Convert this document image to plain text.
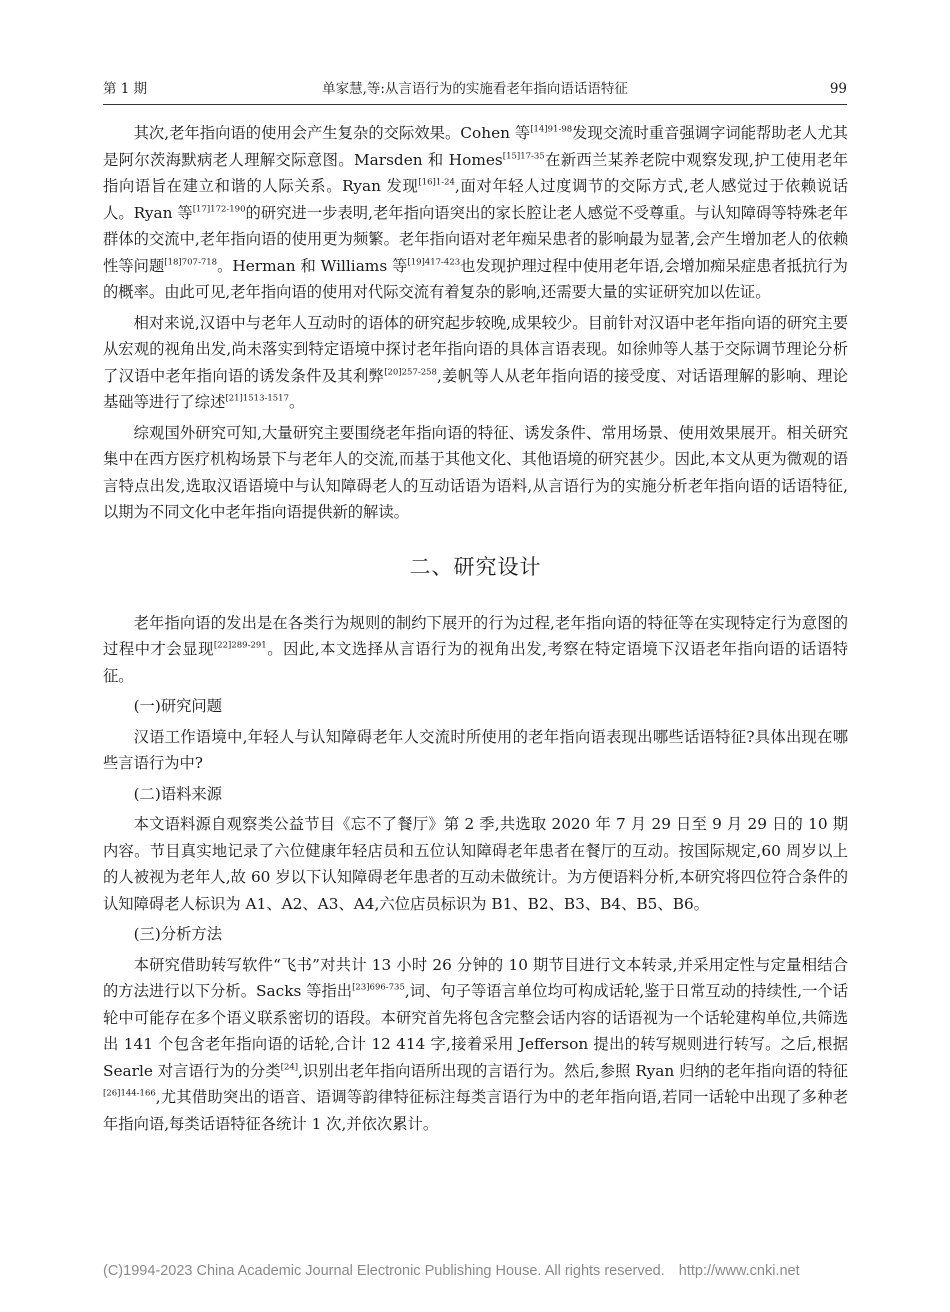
第 1 期	单家慧,等:从言语行为的实施看老年指向语话语特征	99

其次,老年指向语的使用会产生复杂的交际效果。Cohen 等$^{[14]91-98}$发现交流时重音强调字词能帮助老人尤其是阿尔茨海默病老人理解交际意图。Marsden 和 Homes$^{[15]17-35}$在新西兰某养老院中观察发现,护工使用老年指向语旨在建立和谐的人际关系。Ryan 发现$^{[16]1-24}$,面对年轻人过度调节的交际方式,老人感觉过于依赖说话人。Ryan 等$^{[17]172-190}$的研究进一步表明,老年指向语突出的家长腔让老人感觉不受尊重。与认知障碍等特殊老年群体的交流中,老年指向语的使用更为频繁。老年指向语对老年痴呆患者的影响最为显著,会产生增加老人的依赖性等问题$^{[18]707-718}$。Herman 和 Williams 等$^{[19]417-423}$也发现护理过程中使用老年语,会增加痴呆症患者抵抗行为的概率。由此可见,老年指向语的使用对代际交流有着复杂的影响,还需要大量的实证研究加以佐证。

相对来说,汉语中与老年人互动时的语体的研究起步较晚,成果较少。目前针对汉语中老年指向语的研究主要从宏观的视角出发,尚未落实到特定语境中探讨老年指向语的具体言语表现。如徐帅等人基于交际调节理论分析了汉语中老年指向语的诱发条件及其利弊$^{[20]257-258}$,姜帆等人从老年指向语的接受度、对话语理解的影响、理论基础等进行了综述$^{[21]1513-1517}$。

综观国外研究可知,大量研究主要围绕老年指向语的特征、诱发条件、常用场景、使用效果展开。相关研究集中在西方医疗机构场景下与老年人的交流,而基于其他文化、其他语境的研究甚少。因此,本文从更为微观的语言特点出发,选取汉语语境中与认知障碍老人的互动话语为语料,从言语行为的实施分析老年指向语的话语特征,以期为不同文化中老年指向语提供新的解读。

二、研究设计

老年指向语的发出是在各类行为规则的制约下展开的行为过程,老年指向语的特征等在实现特定行为意图的过程中才会显现$^{[22]289-291}$。因此,本文选择从言语行为的视角出发,考察在特定语境下汉语老年指向语的话语特征。

(一)研究问题

汉语工作语境中,年轻人与认知障碍老年人交流时所使用的老年指向语表现出哪些话语特征?具体出现在哪些言语行为中?

(二)语料来源

本文语料源自观察类公益节目《忘不了餐厅》第 2 季,共选取 2020 年 7 月 29 日至 9 月 29 日的 10 期内容。节目真实地记录了六位健康年轻店员和五位认知障碍老年患者在餐厅的互动。按国际规定,60 周岁以上的人被视为老年人,故 60 岁以下认知障碍老年患者的互动未做统计。为方便语料分析,本研究将四位符合条件的认知障碍老人标识为 A1、A2、A3、A4,六位店员标识为 B1、B2、B3、B4、B5、B6。

(三)分析方法

本研究借助转写软件“飞书”对共计 13 小时 26 分钟的 10 期节目进行文本转录,并采用定性与定量相结合的方法进行以下分析。Sacks 等指出$^{[23]696-735}$,词、句子等语言单位均可构成话轮,鉴于日常互动的持续性,一个话轮中可能存在多个语义联系密切的语段。本研究首先将包含完整会话内容的话语视为一个话轮建构单位,共筛选出 141 个包含老年指向语的话轮,合计 12 414 字,接着采用 Jefferson 提出的转写规则进行转写。之后,根据 Searle 对言语行为的分类[24],识别出老年指向语所出现的言语行为。然后,参照 Ryan 归纳的老年指向语的特征$^{[26]144-166}$,尤其借助突出的语音、语调等韵律特征标注每类言语行为中的老年指向语,若同一话轮中出现了多种老年指向语,每类话语特征各统计 1 次,并依次累计。

(C)1994-2023 China Academic Journal Electronic Publishing House. All rights reserved. http://www.cnki.net
